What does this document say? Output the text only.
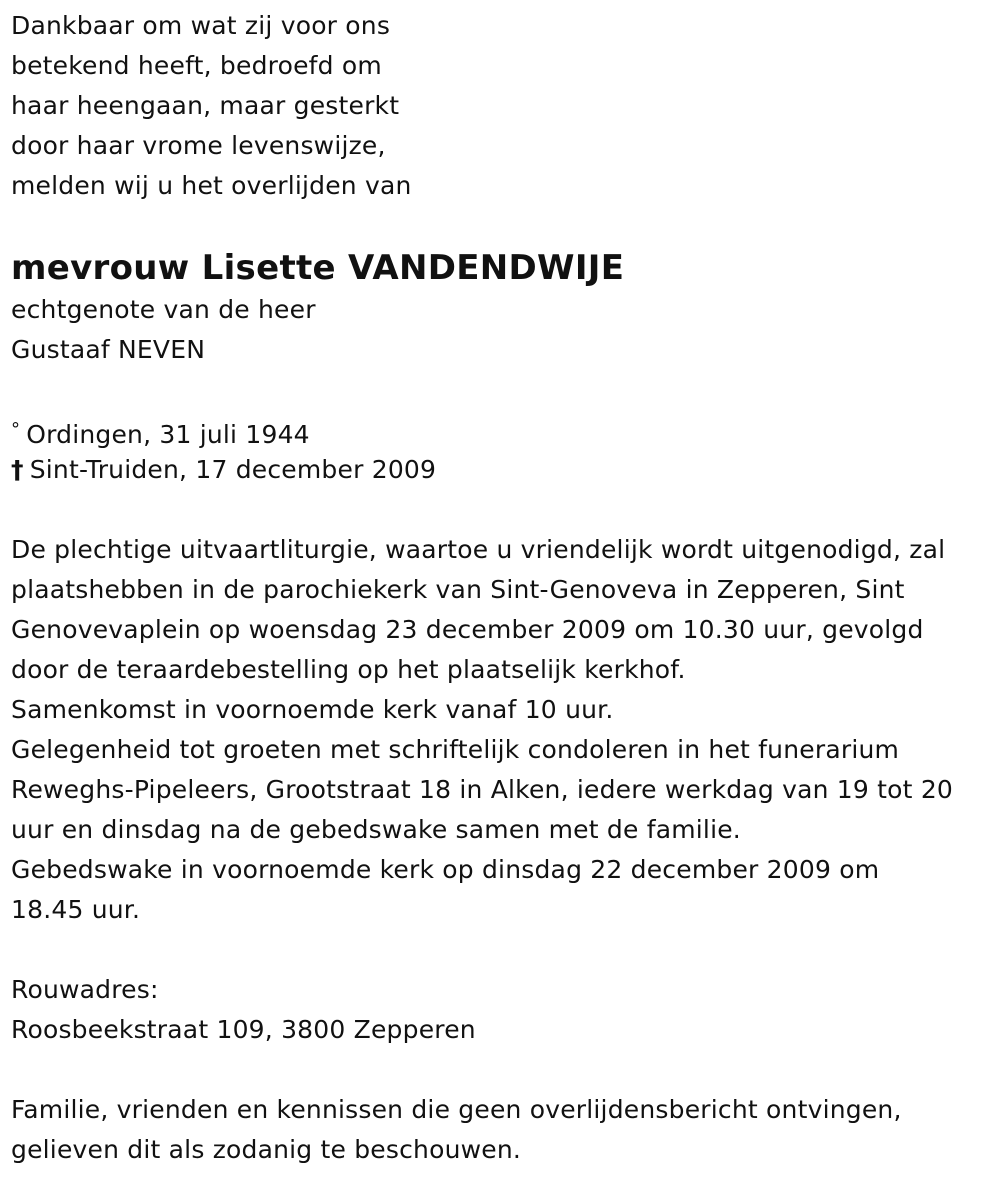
Dankbaar om wat zij voor ons
betekend heeft, bedroefd om
haar heengaan, maar gesterkt
door haar vrome levenswijze,
melden wij u het overlijden van
mevrouw Lisette VANDENDWIJE
echtgenote van de heer
Gustaaf NEVEN
° Ordingen, 31 juli 1944
† Sint-Truiden, 17 december 2009
De plechtige uitvaartliturgie, waartoe u vriendelijk wordt uitgenodigd, zal
plaatshebben in de parochiekerk van Sint-Genoveva in Zepperen, Sint
Genovevaplein op woensdag 23 december 2009 om 10.30 uur, gevolgd
door de teraardebestelling op het plaatselijk kerkhof.
Samenkomst in voornoemde kerk vanaf 10 uur.
Gelegenheid tot groeten met schriftelijk condoleren in het funerarium
Reweghs-Pipeleers, Grootstraat 18 in Alken, iedere werkdag van 19 tot 20
uur en dinsdag na de gebedswake samen met de familie.
Gebedswake in voornoemde kerk op dinsdag 22 december 2009 om
18.45 uur.
Rouwadres:
Roosbeekstraat 109, 3800 Zepperen
Familie, vrienden en kennissen die geen overlijdensbericht ontvingen,
gelieven dit als zodanig te beschouwen.
